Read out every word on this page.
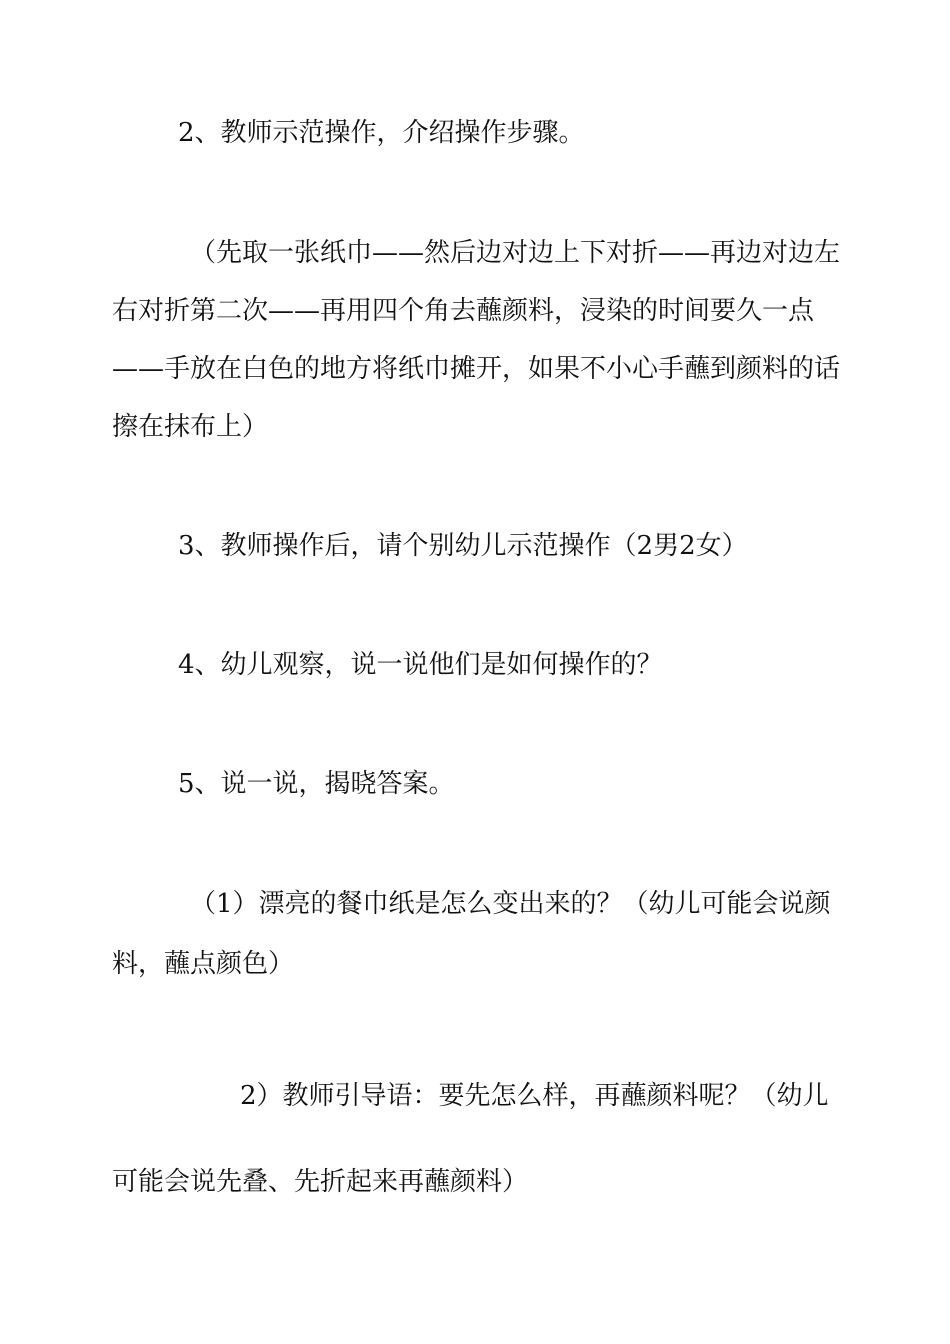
2、教师示范操作，介绍操作步骤。

（先取一张纸巾——然后边对边上下对折——再边对边左右对折第二次——再用四个角去蘸颜料，浸染的时间要久一点——手放在白色的地方将纸巾摊开，如果不小心手蘸到颜料的话擦在抹布上）

3、教师操作后，请个别幼儿示范操作（2男2女）

4、幼儿观察，说一说他们是如何操作的？

5、说一说，揭晓答案。

（1）漂亮的餐巾纸是怎么变出来的？（幼儿可能会说颜料，蘸点颜色）

2）教师引导语：要先怎么样，再蘸颜料呢？（幼儿可能会说先叠、先折起来再蘸颜料）
